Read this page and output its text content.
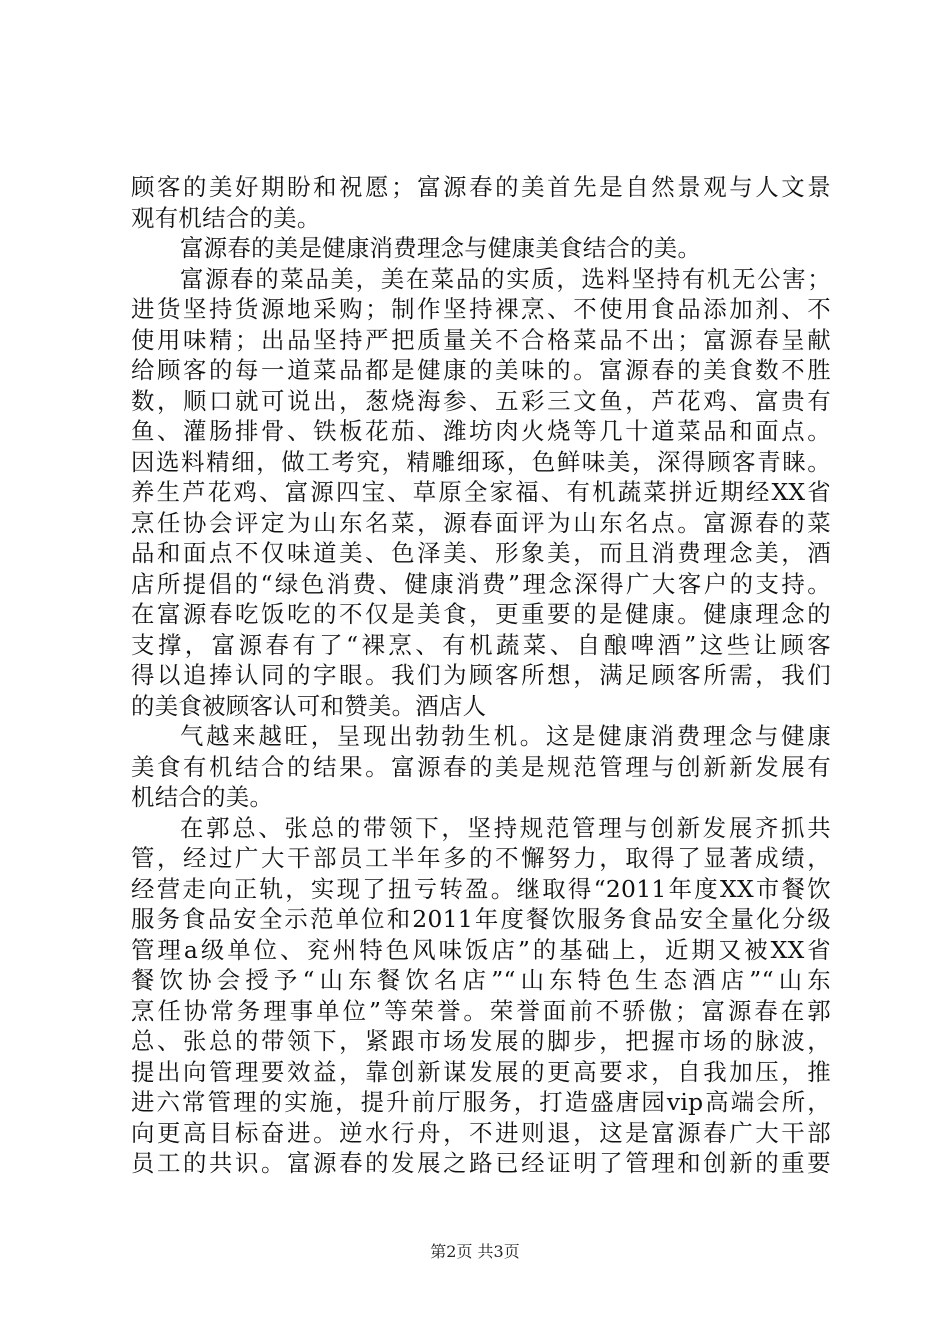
顾客的美好期盼和祝愿；富源春的美首先是自然景观与人文景
观有机结合的美。
富源春的美是健康消费理念与健康美食结合的美。
富源春的菜品美，美在菜品的实质，选料坚持有机无公害；
进货坚持货源地采购；制作坚持裸烹、不使用食品添加剂、不
使用味精；出品坚持严把质量关不合格菜品不出；富源春呈献
给顾客的每一道菜品都是健康的美味的。富源春的美食数不胜
数，顺口就可说出，葱烧海参、五彩三文鱼，芦花鸡、富贵有
鱼、灌肠排骨、铁板花茄、潍坊肉火烧等几十道菜品和面点。
因选料精细，做工考究，精雕细琢，色鲜味美，深得顾客青睐。
养生芦花鸡、富源四宝、草原全家福、有机蔬菜拼近期经XX省
烹任协会评定为山东名菜，源春面评为山东名点。富源春的菜
品和面点不仅味道美、色泽美、形象美，而且消费理念美，酒
店所提倡的“绿色消费、健康消费”理念深得广大客户的支持。
在富源春吃饭吃的不仅是美食，更重要的是健康。健康理念的
支撑，富源春有了“裸烹、有机蔬菜、自酿啤酒”这些让顾客
得以追捧认同的字眼。我们为顾客所想，满足顾客所需，我们
的美食被顾客认可和赞美。酒店人
气越来越旺，呈现出勃勃生机。这是健康消费理念与健康
美食有机结合的结果。富源春的美是规范管理与创新新发展有
机结合的美。
在郭总、张总的带领下，坚持规范管理与创新发展齐抓共
管，经过广大干部员工半年多的不懈努力，取得了显著成绩，
经营走向正轨，实现了扭亏转盈。继取得“2011年度XX市餐饮
服务食品安全示范单位和2011年度餐饮服务食品安全量化分级
管理a级单位、兖州特色风味饭店”的基础上，近期又被XX省
餐饮协会授予“山东餐饮名店”“山东特色生态酒店”“山东
烹任协常务理事单位”等荣誉。荣誉面前不骄傲；富源春在郭
总、张总的带领下，紧跟市场发展的脚步，把握市场的脉波，
提出向管理要效益，靠创新谋发展的更高要求，自我加压，推
进六常管理的实施，提升前厅服务，打造盛唐园vip高端会所，
向更高目标奋进。逆水行舟，不进则退，这是富源春广大干部
员工的共识。富源春的发展之路已经证明了管理和创新的重要
第2页 共3页
